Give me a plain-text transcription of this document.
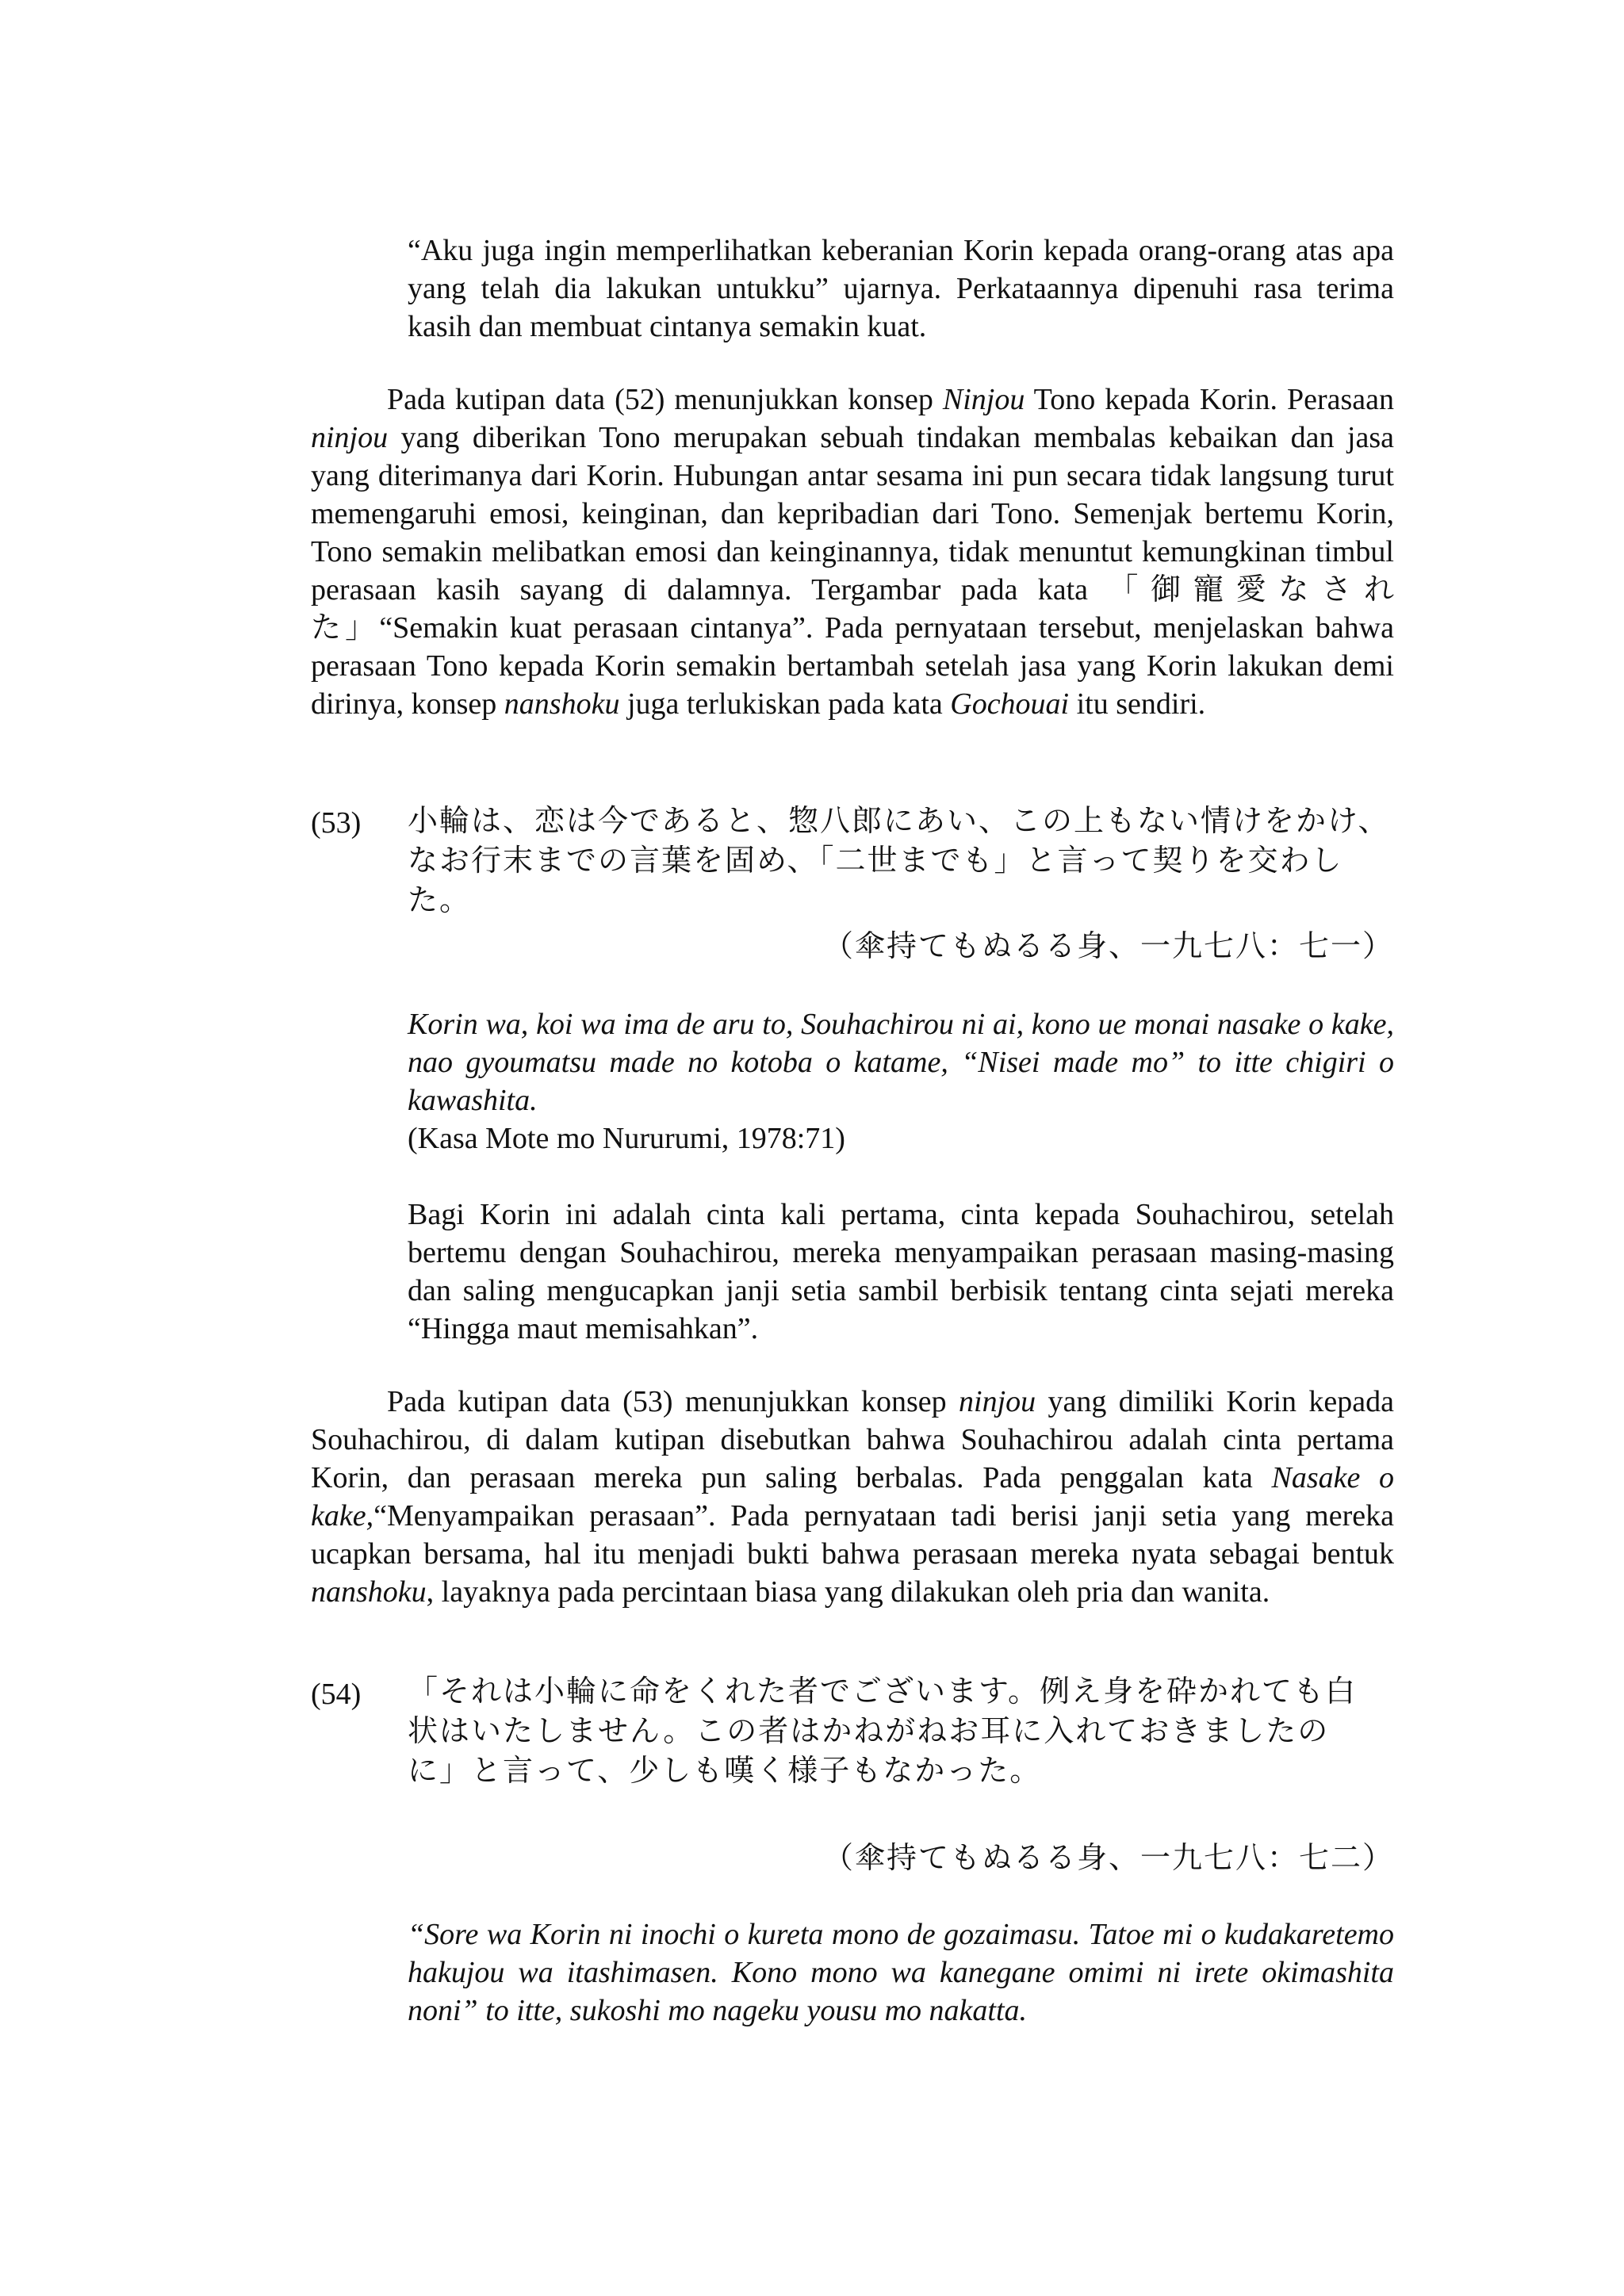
“Aku juga ingin memperlihatkan keberanian Korin kepada orang-orang atas apa yang telah dia lakukan untukku” ujarnya. Perkataannya dipenuhi rasa terima kasih dan membuat cintanya semakin kuat.
Pada kutipan data (52) menunjukkan konsep Ninjou Tono kepada Korin. Perasaan ninjou yang diberikan Tono merupakan sebuah tindakan membalas kebaikan dan jasa yang diterimanya dari Korin. Hubungan antar sesama ini pun secara tidak langsung turut memengaruhi emosi, keinginan, dan kepribadian dari Tono. Semenjak bertemu Korin, Tono semakin melibatkan emosi dan keinginannya, tidak menuntut kemungkinan timbul perasaan kasih sayang di dalamnya. Tergambar pada kata 「御寵愛なされた」“Semakin kuat perasaan cintanya”. Pada pernyataan tersebut, menjelaskan bahwa perasaan Tono kepada Korin semakin bertambah setelah jasa yang Korin lakukan demi dirinya, konsep nanshoku juga terlukiskan pada kata Gochouai itu sendiri.
(53) 小輪は、恋は今であると、惣八郎にあい、この上もない情けをかけ、
なお行末までの言葉を固め、「二世までも」と言って契りを交わし
た。
（傘持てもぬるる身、一九七八：七一）
Korin wa, koi wa ima de aru to, Souhachirou ni ai, kono ue monai nasake o kake, nao gyoumatsu made no kotoba o katame, “Nisei made mo” to itte chigiri o kawashita.
(Kasa Mote mo Nururumi, 1978:71)
Bagi Korin ini adalah cinta kali pertama, cinta kepada Souhachirou, setelah bertemu dengan Souhachirou, mereka menyampaikan perasaan masing-masing dan saling mengucapkan janji setia sambil berbisik tentang cinta sejati mereka “Hingga maut memisahkan”.
Pada kutipan data (53) menunjukkan konsep ninjou yang dimiliki Korin kepada Souhachirou, di dalam kutipan disebutkan bahwa Souhachirou adalah cinta pertama Korin, dan perasaan mereka pun saling berbalas. Pada penggalan kata Nasake o kake,“Menyampaikan perasaan”. Pada pernyataan tadi berisi janji setia yang mereka ucapkan bersama, hal itu menjadi bukti bahwa perasaan mereka nyata sebagai bentuk nanshoku, layaknya pada percintaan biasa yang dilakukan oleh pria dan wanita.
(54) 「それは小輪に命をくれた者でございます。例え身を砕かれても白
状はいたしません。この者はかねがねお耳に入れておきましたの
に」と言って、少しも嘆く様子もなかった。
（傘持てもぬるる身、一九七八：七二）
“Sore wa Korin ni inochi o kureta mono de gozaimasu. Tatoe mi o kudakaretemo hakujou wa itashimasen. Kono mono wa kanegane omimi ni irete okimashita noni” to itte, sukoshi mo nageku yousu mo nakatta.
